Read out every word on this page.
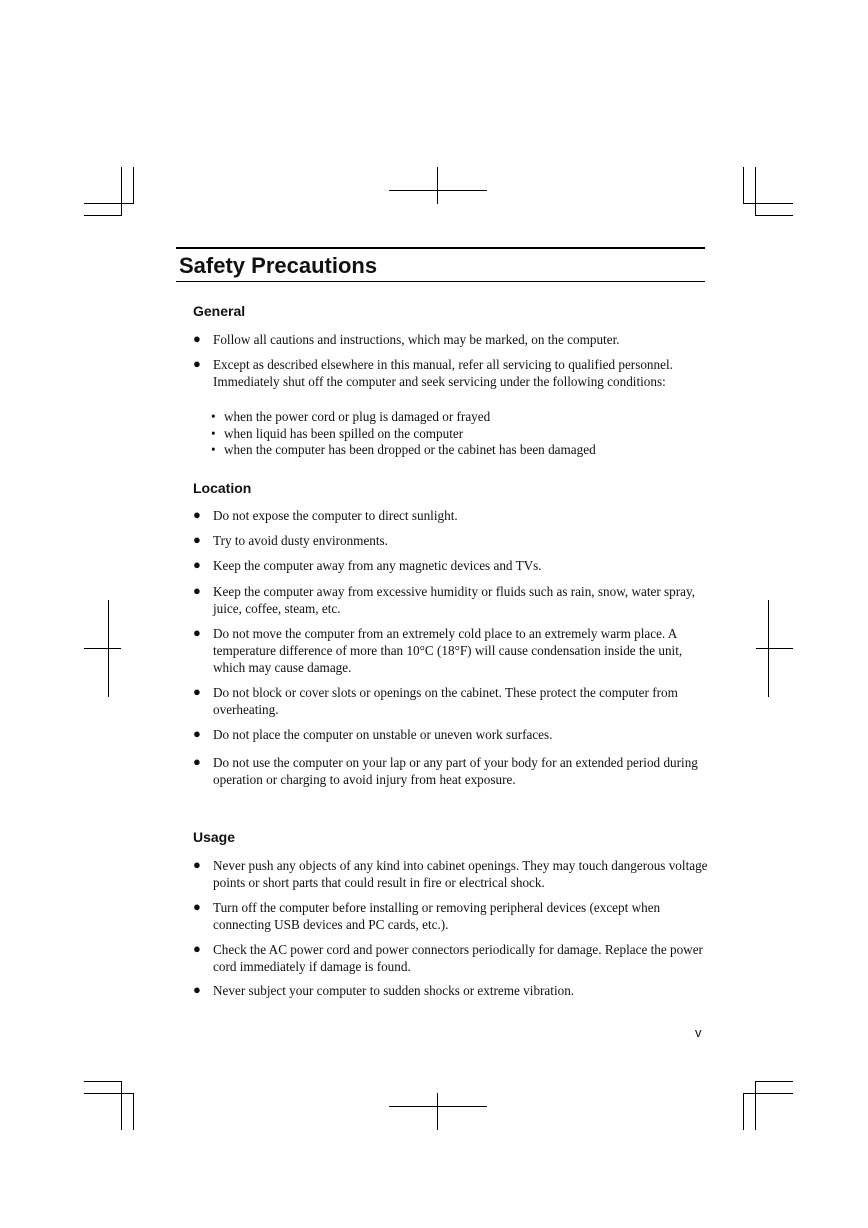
Safety Precautions
General
● Follow all cautions and instructions, which may be marked, on the computer.
● Except as described elsewhere in this manual, refer all servicing to qualified personnel. Immediately shut off the computer and seek servicing under the following conditions:
• when the power cord or plug is damaged or frayed
• when liquid has been spilled on the computer
• when the computer has been dropped or the cabinet has been damaged
Location
● Do not expose the computer to direct sunlight.
● Try to avoid dusty environments.
● Keep the computer away from any magnetic devices and TVs.
● Keep the computer away from excessive humidity or fluids such as rain, snow, water spray, juice, coffee, steam, etc.
● Do not move the computer from an extremely cold place to an extremely warm place. A temperature difference of more than 10°C (18°F) will cause condensation inside the unit, which may cause damage.
● Do not block or cover slots or openings on the cabinet. These protect the computer from overheating.
● Do not place the computer on unstable or uneven work surfaces.
● Do not use the computer on your lap or any part of your body for an extended period during operation or charging to avoid injury from heat exposure.
Usage
● Never push any objects of any kind into cabinet openings. They may touch dangerous voltage points or short parts that could result in fire or electrical shock.
● Turn off the computer before installing or removing peripheral devices (except when connecting USB devices and PC cards, etc.).
● Check the AC power cord and power connectors periodically for damage. Replace the power cord immediately if damage is found.
● Never subject your computer to sudden shocks or extreme vibration.
v
